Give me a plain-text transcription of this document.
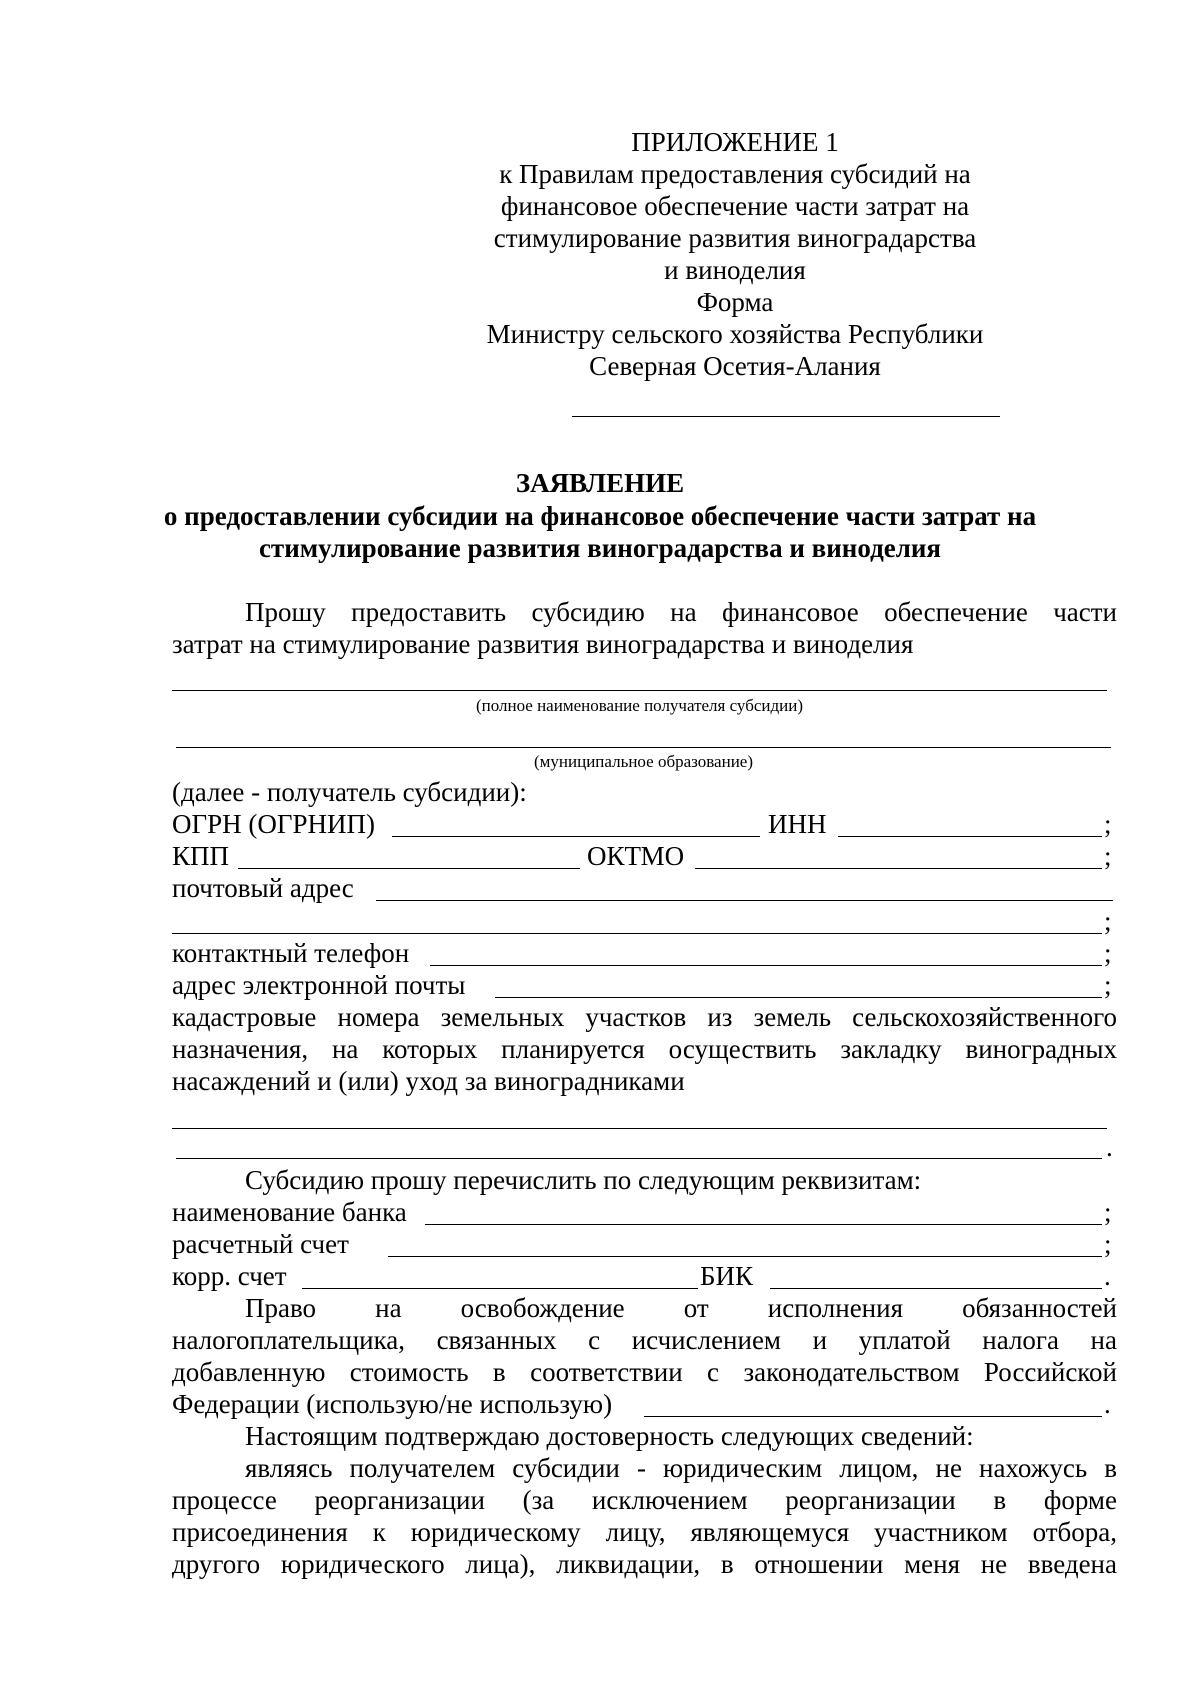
ПРИЛОЖЕНИЕ 1
к Правилам предоставления субсидий на
финансовое обеспечение части затрат на
стимулирование развития виноградарства
и виноделия
Форма
Министру сельского хозяйства Республики
Северная Осетия-Алания
ЗАЯВЛЕНИЕ
о предоставлении субсидии на финансовое обеспечение части затрат на
стимулирование развития виноградарства и виноделия
Прошу предоставить субсидию на финансовое обеспечение части
затрат на стимулирование развития виноградарства и виноделия
(полное наименование получателя субсидии)
(муниципальное образование)
(далее - получатель субсидии):
ОГРН (ОГРНИП)	ИНН	;
КПП	ОКТМО	;
почтовый адрес
;
контактный телефон	;
адрес электронной почты	;
кадастровые номера земельных участков из земель сельскохозяйственного
назначения, на которых планируется осуществить закладку виноградных
насаждений и (или) уход за виноградниками
.
Субсидию прошу перечислить по следующим реквизитам:
наименование банка	;
расчетный счет	;
корр. счет	БИК	.
Право на освобождение от исполнения обязанностей
налогоплательщика, связанных с исчислением и уплатой налога на
добавленную стоимость в соответствии с законодательством Российской
Федерации (использую/не использую)	.
Настоящим подтверждаю достоверность следующих сведений:
являясь получателем субсидии - юридическим лицом, не нахожусь в
процессе реорганизации (за исключением реорганизации в форме
присоединения к юридическому лицу, являющемуся участником отбора,
другого юридического лица), ликвидации, в отношении меня не введена
